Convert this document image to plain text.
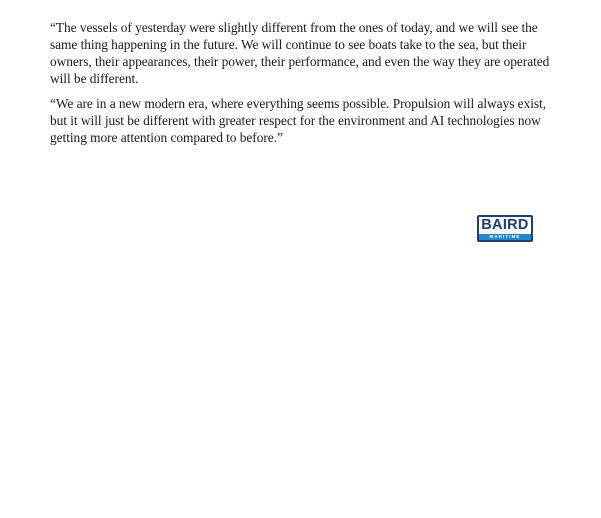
“The vessels of yesterday were slightly different from the ones of today, and we will see the same thing happening in the future. We will continue to see boats take to the sea, but their owners, their appearances, their power, their performance, and even the way they are operated will be different.

“We are in a new modern era, where everything seems possible. Propulsion will always exist, but it will just be different with greater respect for the environment and AI technologies now getting more attention compared to before.”

BAIRD
MARITIME
